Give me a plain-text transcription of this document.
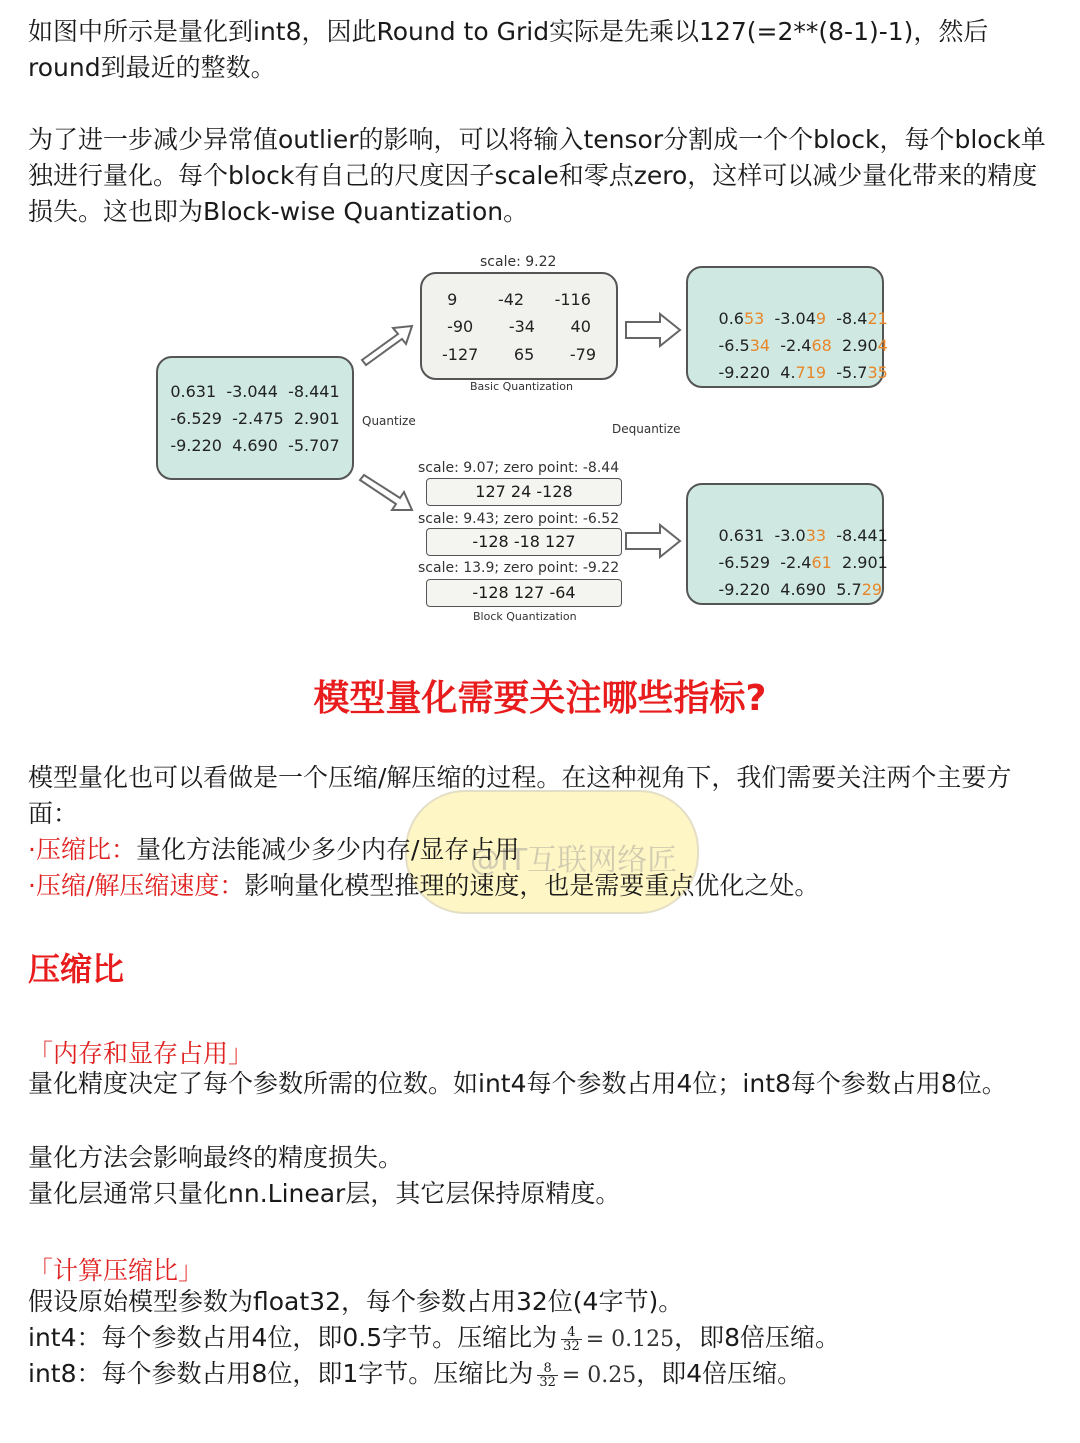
如图中所示是量化到int8，因此Round to Grid实际是先乘以127(=2**(8-1)-1)，然后round到最近的整数。

为了进一步减少异常值outlier的影响，可以将输入tensor分割成一个个block，每个block单独进行量化。每个block有自己的尺度因子scale和零点zero，这样可以减少量化带来的精度损失。这也即为Block-wise Quantization。

0.631  -3.044  -8.441
-6.529  -2.475  2.901
-9.220  4.690  -5.707
Quantize
Dequantize
scale: 9.22
9        -42      -116
-90       -34       40
-127       65       -79
Basic Quantization

0.653  -3.049  -8.421

-6.534  -2.468  2.904

-9.220  4.719  -5.735

scale: 9.07; zero point: -8.44
127 24 -128
scale: 9.43; zero point: -6.52
-128 -18 127
scale: 13.9; zero point: -9.22
-128 127 -64
Block Quantization

0.631  -3.033  -8.441

-6.529  -2.461  2.901

-9.220  4.690  5.729

模型量化需要关注哪些指标?
@IT互联网络匠

模型量化也可以看做是一个压缩/解压缩的过程。在这种视角下，我们需要关注两个主要方面：

·压缩比：量化方法能减少多少内存/显存占用
·压缩/解压缩速度：影响量化模型推理的速度，也是需要重点优化之处。
压缩比
「内存和显存占用」

量化精度决定了每个参数所需的位数。如int4每个参数占用4位；int8每个参数占用8位。

量化方法会影响最终的精度损失。
量化层通常只量化nn.Linear层，其它层保持原精度。
「计算压缩比」
假设原始模型参数为float32，每个参数占用32位(4字节)。
int4：每个参数占用4位，即0.5字节。压缩比为 $\frac{4}{32} = 0.125$，即8倍压缩。
int8：每个参数占用8位，即1字节。压缩比为 $\frac{8}{32} = 0.25$，即4倍压缩。
